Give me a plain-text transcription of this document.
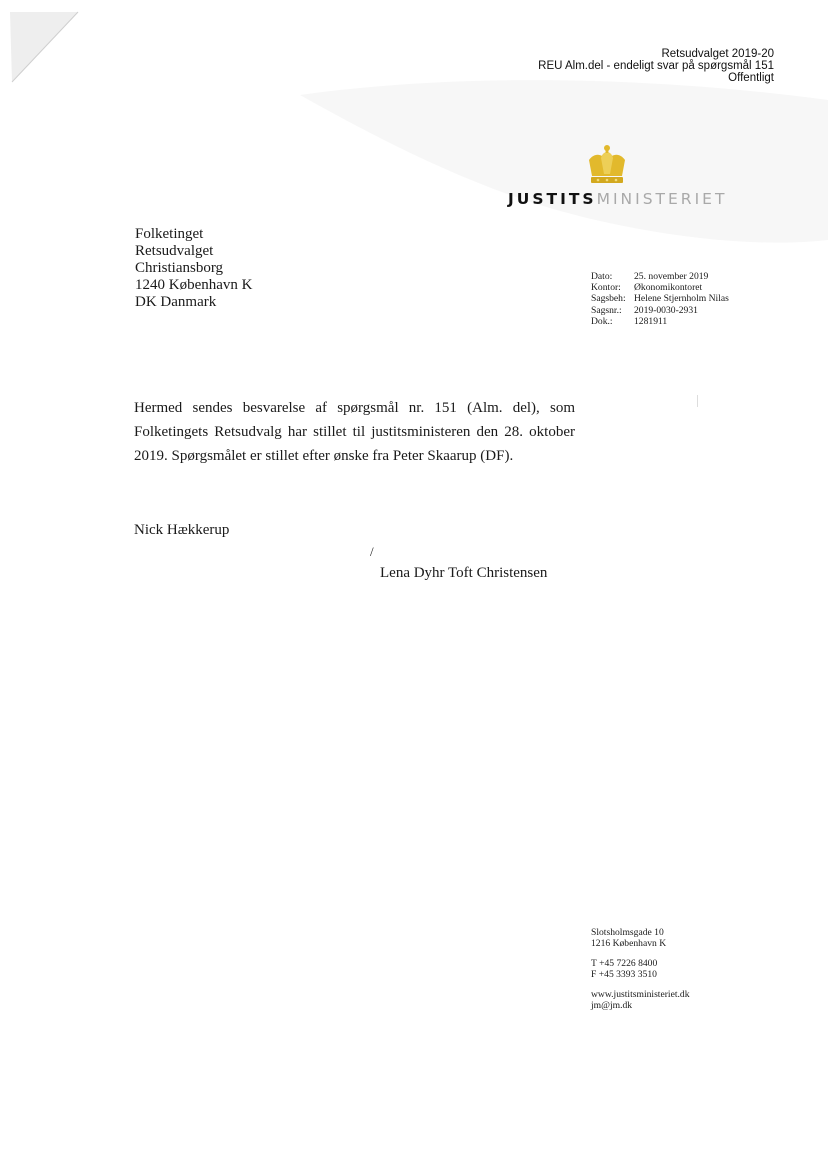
Retsudvalget 2019-20
REU Alm.del - endeligt svar på spørgsmål 151
Offentligt
JUSTITSMINISTERIET
Folketinget
Retsudvalget
Christiansborg
1240 København K
DK Danmark
Dato:	25. november 2019
Kontor:	Økonomikontoret
Sagsbeh: Helene Stjernholm Nilas
Sagsnr.:	2019-0030-2931
Dok.:	1281911

Hermed sendes besvarelse af spørgsmål nr. 151 (Alm. del), som Folketingets Retsudvalg har stillet til justitsministeren den 28. oktober 2019. Spørgsmålet er stillet efter ønske fra Peter Skaarup (DF).

Nick Hækkerup
/
Lena Dyhr Toft Christensen
Slotsholmsgade 10
1216 København K
T +45 7226 8400
F +45 3393 3510
www.justitsministeriet.dk
jm@jm.dk
